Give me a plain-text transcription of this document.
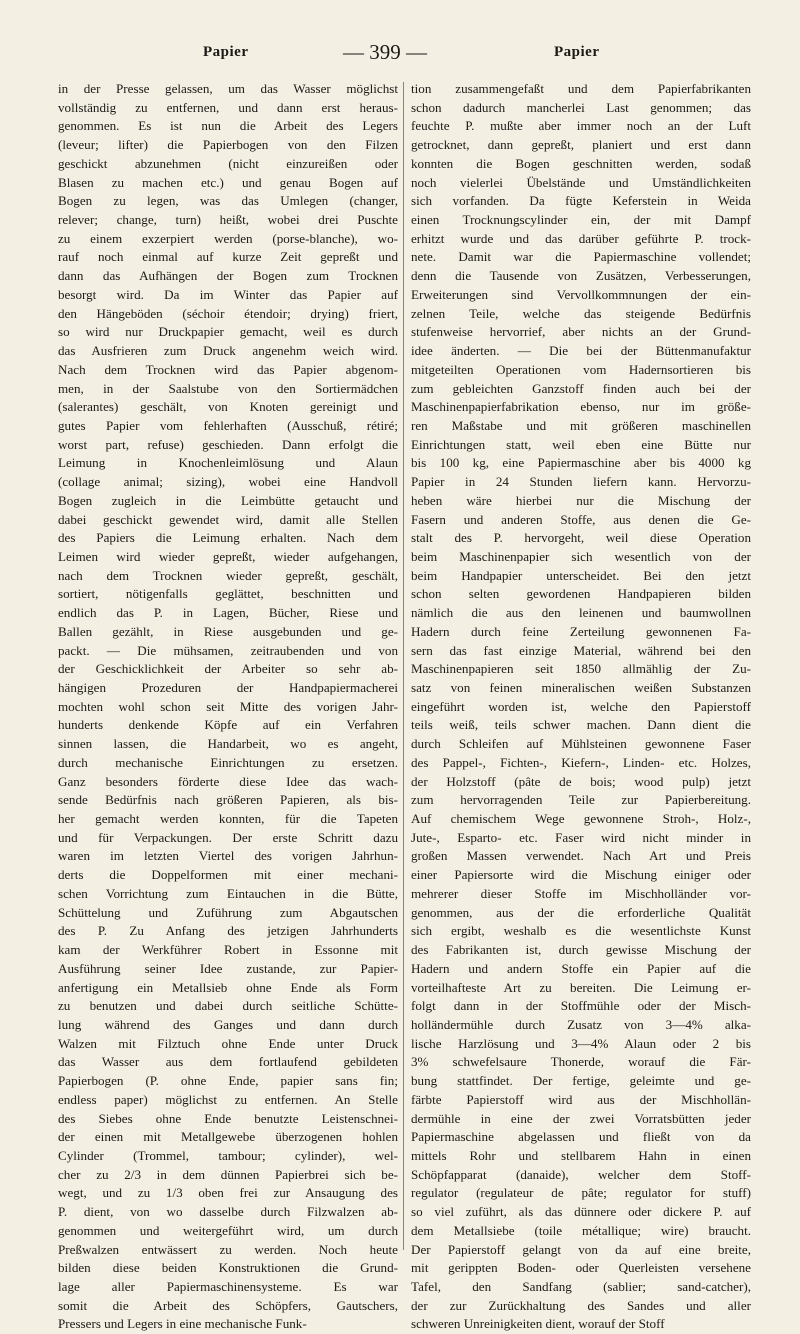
Papier	— 399 —	Papier

in der Presse gelassen, um das Wasser möglichst

vollständig zu entfernen, und dann erst heraus-

genommen. Es ist nun die Arbeit des Legers

(leveur; lifter) die Papierbogen von den Filzen

geschickt abzunehmen (nicht einzureißen oder

Blasen zu machen etc.) und genau Bogen auf

Bogen zu legen, was das Umlegen (changer,

relever; change, turn) heißt, wobei drei Puschte

zu einem exzerpiert werden (porse-blanche), wo-

rauf noch einmal auf kurze Zeit gepreßt und

dann das Aufhängen der Bogen zum Trocknen

besorgt wird. Da im Winter das Papier auf

den Hängeböden (séchoir étendoir; drying) friert,

so wird nur Druckpapier gemacht, weil es durch

das Ausfrieren zum Druck angenehm weich wird.

Nach dem Trocknen wird das Papier abgenom-

men, in der Saalstube von den Sortiermädchen

(salerantes) geschält, von Knoten gereinigt und

gutes Papier vom fehlerhaften (Ausschuß, rétiré;

worst part, refuse) geschieden. Dann erfolgt die

Leimung in Knochenleimlösung und Alaun

(collage animal; sizing), wobei eine Handvoll

Bogen zugleich in die Leimbütte getaucht und

dabei geschickt gewendet wird, damit alle Stellen

des Papiers die Leimung erhalten. Nach dem

Leimen wird wieder gepreßt, wieder aufgehangen,

nach dem Trocknen wieder gepreßt, geschält,

sortiert, nötigenfalls geglättet, beschnitten und

endlich das P. in Lagen, Bücher, Riese und

Ballen gezählt, in Riese ausgebunden und ge-

packt. — Die mühsamen, zeitraubenden und von

der Geschicklichkeit der Arbeiter so sehr ab-

hängigen Prozeduren der Handpapiermacherei

mochten wohl schon seit Mitte des vorigen Jahr-

hunderts denkende Köpfe auf ein Verfahren

sinnen lassen, die Handarbeit, wo es angeht,

durch mechanische Einrichtungen zu ersetzen.

Ganz besonders förderte diese Idee das wach-

sende Bedürfnis nach größeren Papieren, als bis-

her gemacht werden konnten, für die Tapeten

und für Verpackungen. Der erste Schritt dazu

waren im letzten Viertel des vorigen Jahrhun-

derts die Doppelformen mit einer mechani-

schen Vorrichtung zum Eintauchen in die Bütte,

Schüttelung und Zuführung zum Abgautschen

des P. Zu Anfang des jetzigen Jahrhunderts

kam der Werkführer Robert in Essonne mit

Ausführung seiner Idee zustande, zur Papier-

anfertigung ein Metallsieb ohne Ende als Form

zu benutzen und dabei durch seitliche Schütte-

lung während des Ganges und dann durch

Walzen mit Filztuch ohne Ende unter Druck

das Wasser aus dem fortlaufend gebildeten

Papierbogen (P. ohne Ende, papier sans fin;

endless paper) möglichst zu entfernen. An Stelle

des Siebes ohne Ende benutzte Leistenschnei-

der einen mit Metallgewebe überzogenen hohlen

Cylinder (Trommel, tambour; cylinder), wel-

cher zu 2/3 in dem dünnen Papierbrei sich be-

wegt, und zu 1/3 oben frei zur Ansaugung des

P. dient, von wo dasselbe durch Filzwalzen ab-

genommen und weitergeführt wird, um durch

Preßwalzen entwässert zu werden. Noch heute

bilden diese beiden Konstruktionen die Grund-

lage aller Papiermaschinensysteme. Es war

somit die Arbeit des Schöpfers, Gautschers,

Pressers und Legers in eine mechanische Funk-

tion zusammengefaßt und dem Papierfabrikanten

schon dadurch mancherlei Last genommen; das

feuchte P. mußte aber immer noch an der Luft

getrocknet, dann gepreßt, planiert und erst dann

konnten die Bogen geschnitten werden, sodaß

noch vielerlei Übelstände und Umständlichkeiten

sich vorfanden. Da fügte Keferstein in Weida

einen Trocknungscylinder ein, der mit Dampf

erhitzt wurde und das darüber geführte P. trock-

nete. Damit war die Papiermaschine vollendet;

denn die Tausende von Zusätzen, Verbesserungen,

Erweiterungen sind Vervollkommnungen der ein-

zelnen Teile, welche das steigende Bedürfnis

stufenweise hervorrief, aber nichts an der Grund-

idee änderten. — Die bei der Büttenmanufaktur

mitgeteilten Operationen vom Hadernsortieren bis

zum gebleichten Ganzstoff finden auch bei der

Maschinenpapierfabrikation ebenso, nur im größe-

ren Maßstabe und mit größeren maschinellen

Einrichtungen statt, weil eben eine Bütte nur

bis 100 kg, eine Papiermaschine aber bis 4000 kg

Papier in 24 Stunden liefern kann. Hervorzu-

heben wäre hierbei nur die Mischung der

Fasern und anderen Stoffe, aus denen die Ge-

stalt des P. hervorgeht, weil diese Operation

beim Maschinenpapier sich wesentlich von der

beim Handpapier unterscheidet. Bei den jetzt

schon selten gewordenen Handpapieren bilden

nämlich die aus den leinenen und baumwollnen

Hadern durch feine Zerteilung gewonnenen Fa-

sern das fast einzige Material, während bei den

Maschinenpapieren seit 1850 allmählig der Zu-

satz von feinen mineralischen weißen Substanzen

eingeführt worden ist, welche den Papierstoff

teils weiß, teils schwer machen. Dann dient die

durch Schleifen auf Mühlsteinen gewonnene Faser

des Pappel-, Fichten-, Kiefern-, Linden- etc. Holzes,

der Holzstoff (pâte de bois; wood pulp) jetzt

zum hervorragenden Teile zur Papierbereitung.

Auf chemischem Wege gewonnene Stroh-, Holz-,

Jute-, Esparto- etc. Faser wird nicht minder in

großen Massen verwendet. Nach Art und Preis

einer Papiersorte wird die Mischung einiger oder

mehrerer dieser Stoffe im Mischholländer vor-

genommen, aus der die erforderliche Qualität

sich ergibt, weshalb es die wesentlichste Kunst

des Fabrikanten ist, durch gewisse Mischung der

Hadern und andern Stoffe ein Papier auf die

vorteilhafteste Art zu bereiten. Die Leimung er-

folgt dann in der Stoffmühle oder der Misch-

holländermühle durch Zusatz von 3—4% alka-

lische Harzlösung und 3—4% Alaun oder 2 bis

3% schwefelsaure Thonerde, worauf die Fär-

bung stattfindet. Der fertige, geleimte und ge-

färbte Papierstoff wird aus der Mischhollän-

dermühle in eine der zwei Vorratsbütten jeder

Papiermaschine abgelassen und fließt von da

mittels Rohr und stellbarem Hahn in einen

Schöpfapparat (danaide), welcher dem Stoff-

regulator (regulateur de pâte; regulator for stuff)

so viel zuführt, als das dünnere oder dickere P. auf

dem Metallsiebe (toile métallique; wire) braucht.

Der Papierstoff gelangt von da auf eine breite,

mit gerippten Boden- oder Querleisten versehene

Tafel, den Sandfang (sablier; sand-catcher),

der zur Zurückhaltung des Sandes und aller

schweren Unreinigkeiten dient, worauf der Stoff
